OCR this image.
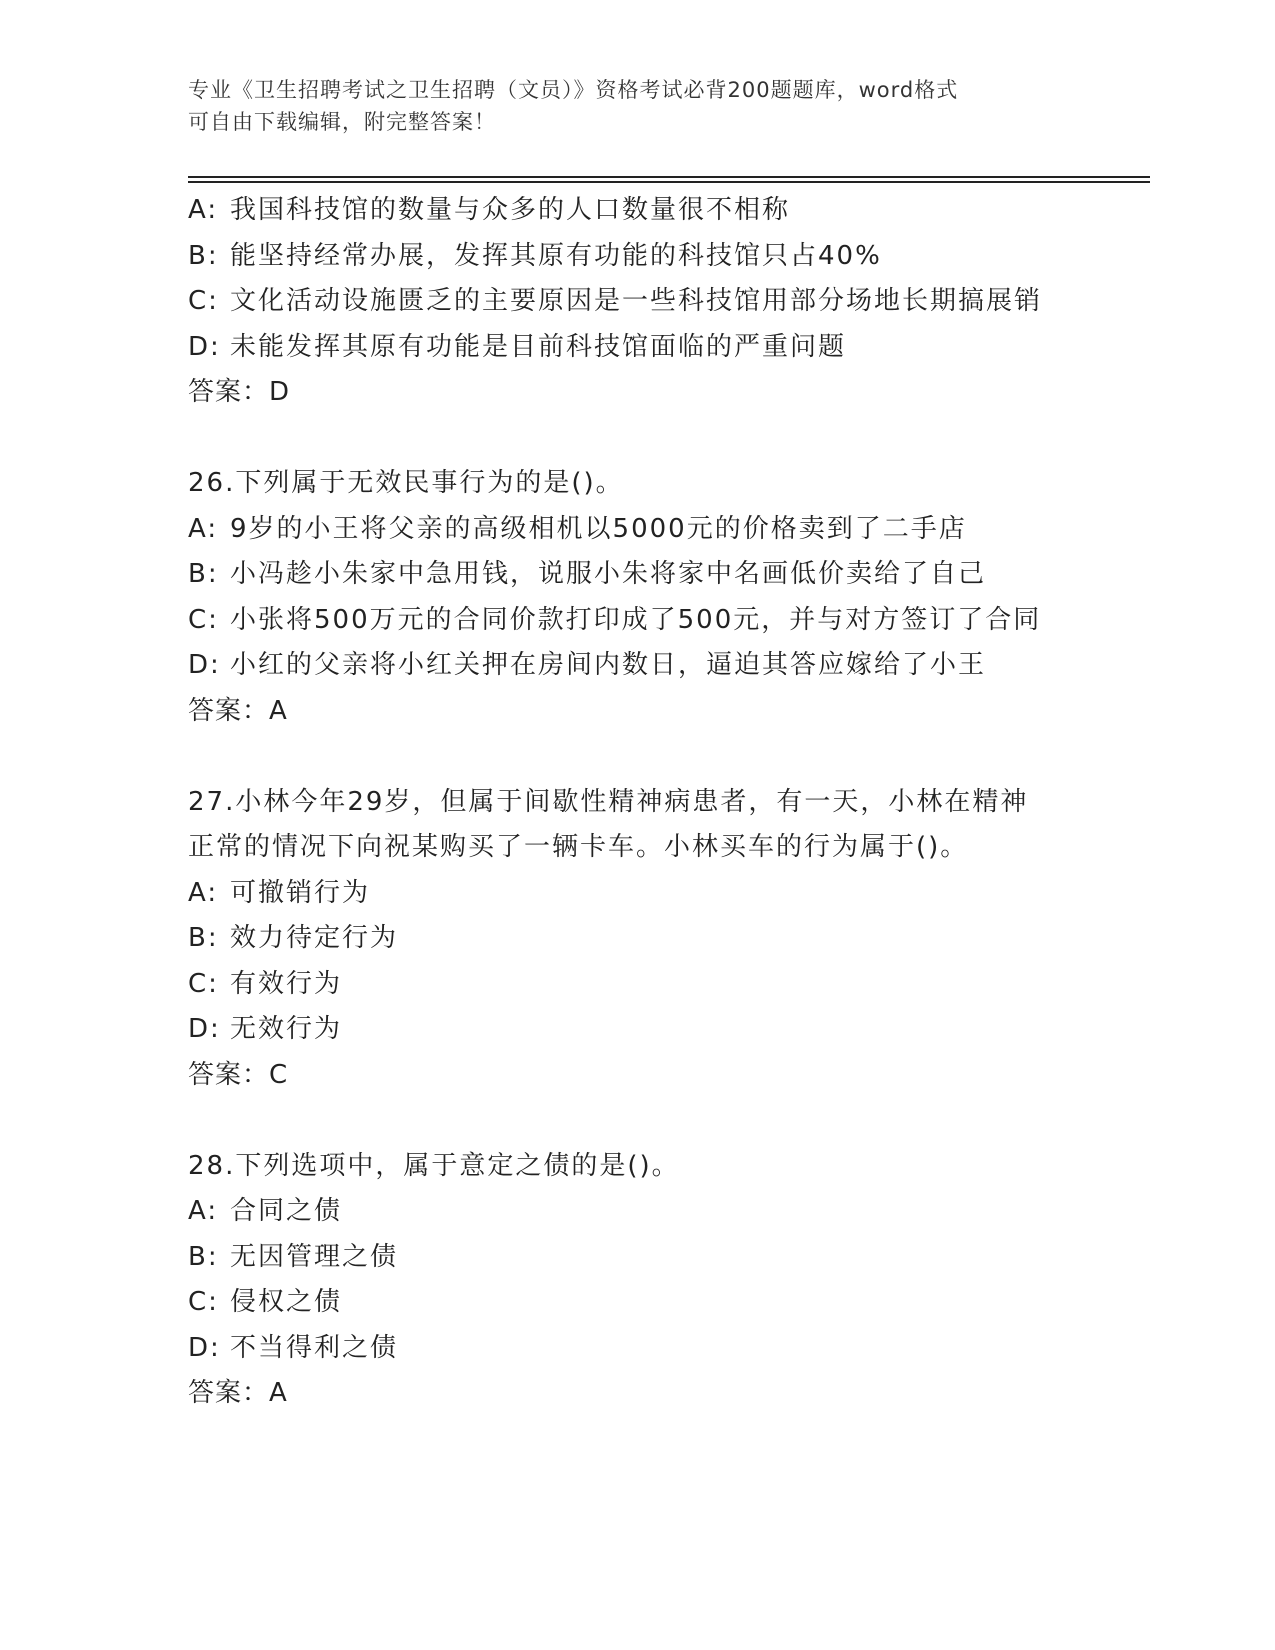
专业《卫生招聘考试之卫生招聘（文员）》资格考试必背200题题库，word格式
可自由下载编辑，附完整答案！
A: 我国科技馆的数量与众多的人口数量很不相称
B: 能坚持经常办展，发挥其原有功能的科技馆只占40%
C: 文化活动设施匮乏的主要原因是一些科技馆用部分场地长期搞展销
D: 未能发挥其原有功能是目前科技馆面临的严重问题
答案：D
26.下列属于无效民事行为的是()。
A: 9岁的小王将父亲的高级相机以5000元的价格卖到了二手店
B: 小冯趁小朱家中急用钱，说服小朱将家中名画低价卖给了自己
C: 小张将500万元的合同价款打印成了500元，并与对方签订了合同
D: 小红的父亲将小红关押在房间内数日，逼迫其答应嫁给了小王
答案：A
27.小林今年29岁，但属于间歇性精神病患者，有一天，小林在精神
正常的情况下向祝某购买了一辆卡车。小林买车的行为属于()。
A: 可撤销行为
B: 效力待定行为
C: 有效行为
D: 无效行为
答案：C
28.下列选项中，属于意定之债的是()。
A: 合同之债
B: 无因管理之债
C: 侵权之债
D: 不当得利之债
答案：A
